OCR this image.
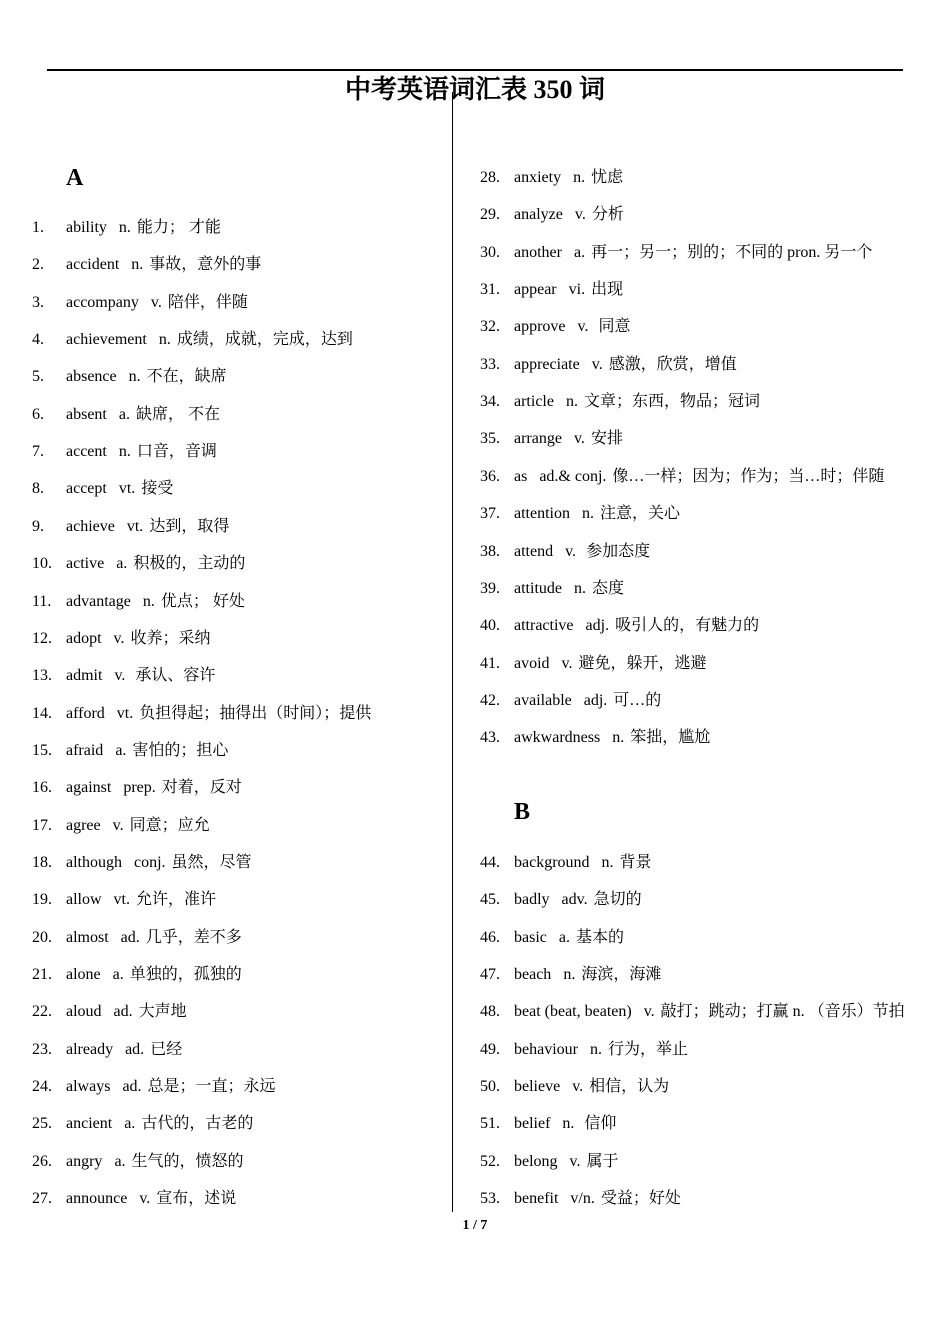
中考英语词汇表 350 词
A
1. ability n. 能力； 才能
2. accident n. 事故，意外的事
3. accompany v. 陪伴，伴随
4. achievement n. 成绩，成就，完成，达到
5. absence n. 不在，缺席
6. absent a. 缺席， 不在
7. accent n. 口音，音调
8. accept vt. 接受
9. achieve vt. 达到，取得
10. active a. 积极的，主动的
11. advantage n. 优点； 好处
12. adopt v. 收养；采纳
13. admit v. 承认、容许
14. afford vt. 负担得起；抽得出（时间）；提供
15. afraid a. 害怕的；担心
16. against prep. 对着，反对
17. agree v. 同意；应允
18. although conj. 虽然，尽管
19. allow vt. 允许，准许
20. almost ad. 几乎，差不多
21. alone a. 单独的，孤独的
22. aloud ad. 大声地
23. already ad. 已经
24. always ad. 总是；一直；永远
25. ancient a. 古代的，古老的
26. angry a. 生气的，愤怒的
27. announce v. 宣布，述说
28. anxiety n. 忧虑
29. analyze v. 分析
30. another a. 再一；另一；别的；不同的 pron. 另一个
31. appear vi. 出现
32. approve v. 同意
33. appreciate v. 感激，欣赏，增值
34. article n. 文章；东西，物品；冠词
35. arrange v. 安排
36. as ad.& conj. 像…一样；因为；作为；当…时；伴随
37. attention n. 注意，关心
38. attend v. 参加态度
39. attitude n. 态度
40. attractive adj. 吸引人的，有魅力的
41. avoid v. 避免，躲开，逃避
42. available adj. 可…的
43. awkwardness n. 笨拙，尴尬
B
44. background n. 背景
45. badly adv. 急切的
46. basic a. 基本的
47. beach n. 海滨，海滩
48. beat (beat, beaten) v. 敲打；跳动；打赢 n. （音乐）节拍
49. behaviour n. 行为，举止
50. believe v. 相信，认为
51. belief n. 信仰
52. belong v. 属于
53. benefit v/n. 受益；好处
1 / 7
